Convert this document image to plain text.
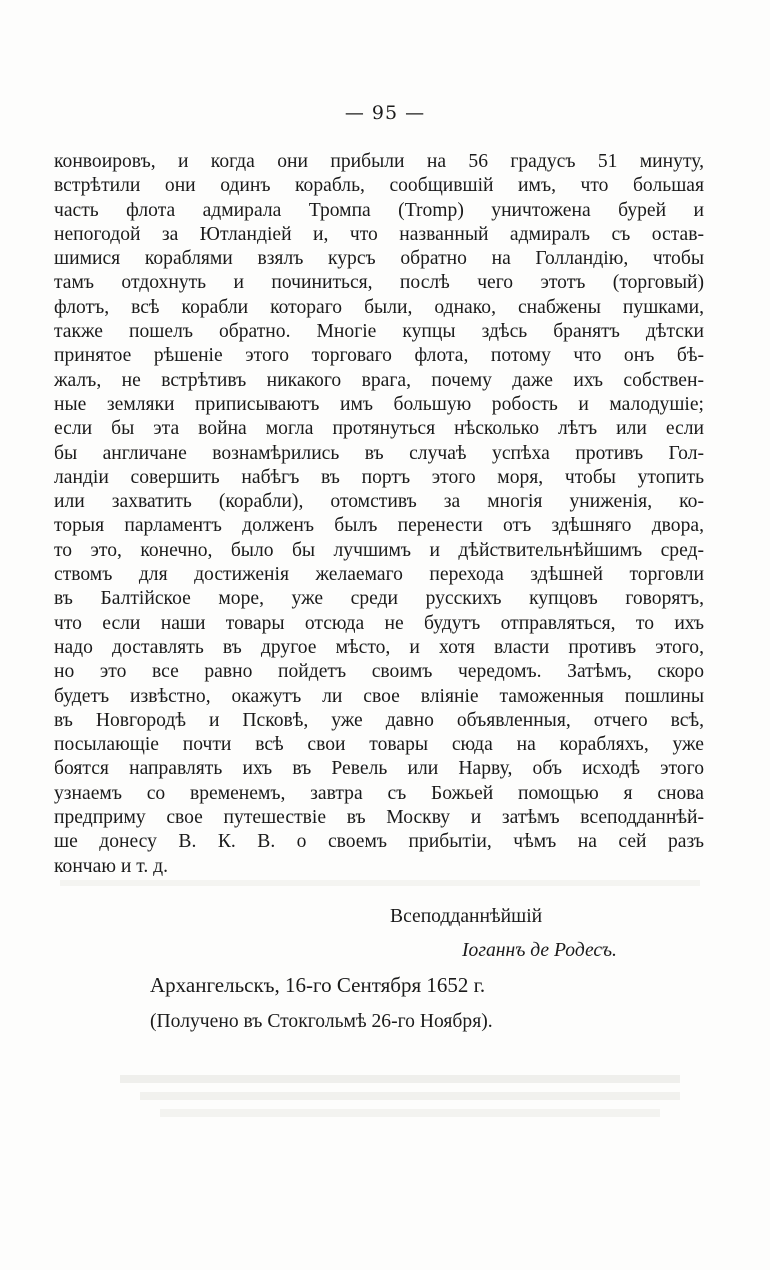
— 95 —
конвоировъ, и когда они прибыли на 56 градусъ 51 минуту,
встрѣтили они одинъ корабль, сообщившій имъ, что большая
часть флота адмирала Тромпа (Tromp) уничтожена бурей и
непогодой за Ютландіей и, что названный адмиралъ съ остав-
шимися кораблями взялъ курсъ обратно на Голландію, чтобы
тамъ отдохнуть и починиться, послѣ чего этотъ (торговый)
флотъ, всѣ корабли котораго были, однако, снабжены пушками,
также пошелъ обратно. Многіе купцы здѣсь бранятъ дѣтски
принятое рѣшеніе этого торговаго флота, потому что онъ бѣ-
жалъ, не встрѣтивъ никакого врага, почему даже ихъ собствен-
ные земляки приписываютъ имъ большую робость и малодушіе;
если бы эта война могла протянуться нѣсколько лѣтъ или если
бы англичане вознамѣрились въ случаѣ успѣха противъ Гол-
ландіи совершить набѣгъ въ портъ этого моря, чтобы утопить
или захватить (корабли), отомстивъ за многія униженія, ко-
торыя парламентъ долженъ былъ перенести отъ здѣшняго двора,
то это, конечно, было бы лучшимъ и дѣйствительнѣйшимъ сред-
ствомъ для достиженія желаемаго перехода здѣшней торговли
въ Балтійское море, уже среди русскихъ купцовъ говорятъ,
что если наши товары отсюда не будутъ отправляться, то ихъ
надо доставлять въ другое мѣсто, и хотя власти противъ этого,
но это все равно пойдетъ своимъ чередомъ. Затѣмъ, скоро
будетъ извѣстно, окажутъ ли свое вліяніе таможенныя пошлины
въ Новгородѣ и Псковѣ, уже давно объявленныя, отчего всѣ,
посылающіе почти всѣ свои товары сюда на корабляхъ, уже
боятся направлять ихъ въ Ревель или Нарву, объ исходѣ этого
узнаемъ со временемъ, завтра съ Божьей помощью я снова
предприму свое путешествіе въ Москву и затѣмъ всеподданнѣй-
ше донесу В. К. В. о своемъ прибытіи, чѣмъ на сей разъ
кончаю и т. д.
Всеподданнѣйшій
Іоганнъ де Родесъ.
Архангельскъ, 16-го Сентября 1652 г.
(Получено въ Стокгольмѣ 26-го Ноября).
